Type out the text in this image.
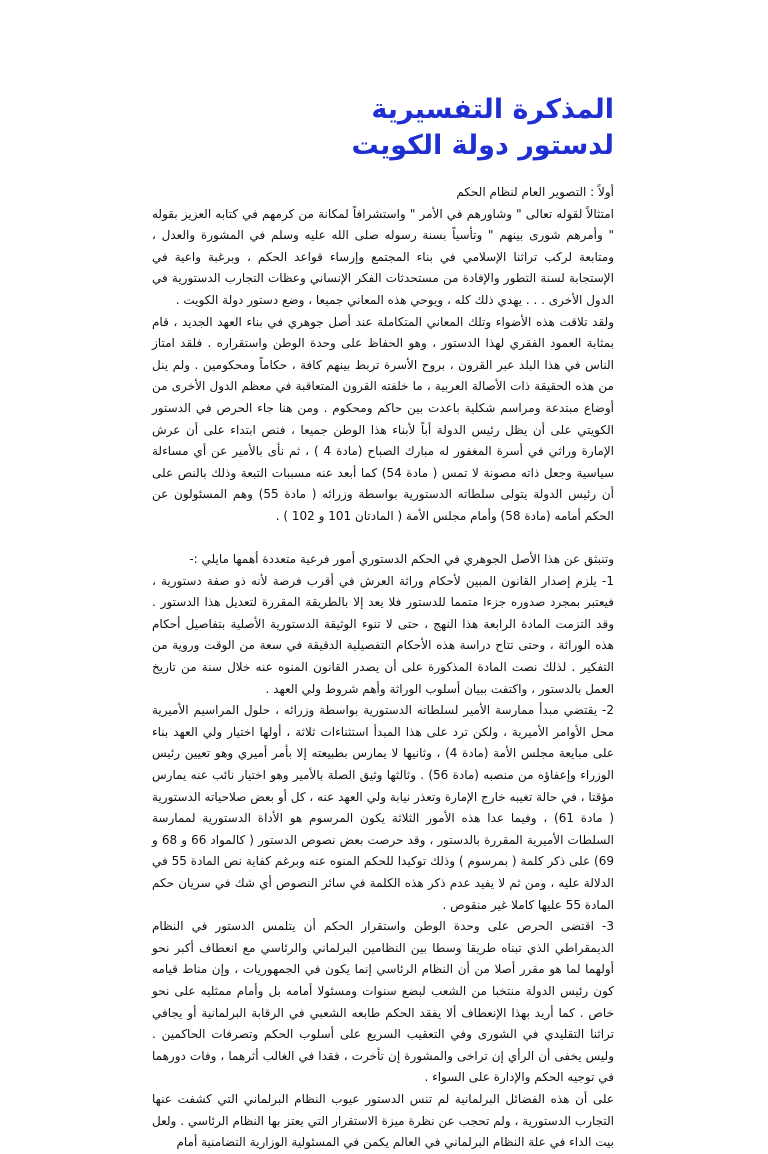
المذكرة التفسيرية
لدستور دولة الكويت

أولاً : التصوير العام لنظام الحكم

امتثالاً لقوله تعالى " وشاورهم في الأمر " واستشرافاً لمكانة من كرمهم في كتابه العزيز بقوله " وأمرهم شورى بينهم " وتأسياً بسنة رسوله صلى الله عليه وسلم في المشورة والعدل ، ومتابعة لركب تراثنا الإسلامي في بناء المجتمع وإرساء قواعد الحكم ، وبرغبة واعية في الإستجابة لسنة التطور والإفادة من مستحدثات الفكر الإنساني وعظات التجارب الدستورية في الدول الأخرى . . . يهدي ذلك كله ، ويوحي هذه المعاني جميعا ، وضع دستور دولة الكويت .

ولقد تلاقت هذه الأضواء وتلك المعاني المتكاملة عند أصل جوهري في بناء العهد الجديد ، قام بمثابة العمود الفقري لهذا الدستور ، وهو الحفاظ على وحدة الوطن واستقراره . فلقد امتاز الناس في هذا البلد عبر القرون ، بروح الأسرة تربط بينهم كافة ، حكاماً ومحكومين . ولم ينل من هذه الحقيقة ذات الأصالة العربية ، ما خلفته القرون المتعاقبة في معظم الدول الأخرى من أوضاع مبتدعة ومراسم شكلية باعدت بين حاكم ومحكوم . ومن هنا جاء الحرص في الدستور الكويتي على أن يظل رئيس الدولة أباً لأبناء هذا الوطن جميعا ، فنص ابتداء على أن عرش الإمارة وراثي في أسرة المغفور له مبارك الصباح (مادة 4 ) ، ثم نأى بالأمير عن أي مساءلة سياسية وجعل ذاته مصونة لا تمس ( مادة 54) كما أبعد عنه مسببات التبعة وذلك بالنص على أن رئيس الدولة يتولى سلطاته الدستورية بواسطة وزرائه ( مادة 55) وهم المسئولون عن الحكم أمامه (مادة 58) وأمام مجلس الأمة ( المادتان 101 و 102 ) .

وتنبثق عن هذا الأصل الجوهري في الحكم الدستوري أمور فرعية متعددة أهمها مايلي :-

1- يلزم إصدار القانون المبين لأحكام وراثة العرش في أقرب فرصة لأنه ذو صفة دستورية ، فيعتبر بمجرد صدوره جزءا متمما للدستور فلا يعد إلا بالطريقة المقررة لتعديل هذا الدستور . وقد التزمت المادة الرابعة هذا النهج ، حتى لا تنوء الوثيقة الدستورية الأصلية بتفاصيل أحكام هذه الوراثة ، وحتى تتاح دراسة هذه الأحكام التفصيلية الدقيقة في سعة من الوقت وروية من التفكير . لذلك نصت المادة المذكورة على أن يصدر القانون المنوه عنه خلال سنة من تاريخ العمل بالدستور ، واكتفت ببيان أسلوب الوراثة وأهم شروط ولي العهد .

2- يقتضي مبدأ ممارسة الأمير لسلطاته الدستورية بواسطة وزرائه ، حلول المراسيم الأميرية محل الأوامر الأميرية ، ولكن ترد على هذا المبدأ استثناءات ثلاثة ، أولها اختيار ولي العهد بناء على مبايعة مجلس الأمة (مادة 4) ، وثانيها لا يمارس بطبيعته إلا بأمر أميري وهو تعيين رئيس الوزراء وإعفاؤه من منصبه (مادة 56) . وثالثها وثيق الصلة بالأمير وهو اختيار نائب عنه يمارس مؤقتا ، في حالة تغيبه خارج الإمارة وتعذر نيابة ولي العهد عنه ، كل أو بعض صلاحياته الدستورية ( مادة 61) ، وفيما عدا هذه الأمور الثلاثة يكون المرسوم هو الأداة الدستورية لممارسة السلطات الأميرية المقررة بالدستور ، وقد حرصت بعض نصوص الدستور ( كالمواد 66 و 68 و 69) على ذكر كلمة ( بمرسوم ) وذلك توكيدا للحكم المنوه عنه وبرغم كفاية نص المادة 55 في الدلالة عليه ، ومن ثم لا يفيد عدم ذكر هذه الكلمة في سائر النصوص أي شك في سريان حكم المادة 55 عليها كاملا غير منقوص .

3- اقتضى الحرص على وحدة الوطن واستقرار الحكم أن يتلمس الدستور في النظام الديمقراطي الذي تبناه طريقا وسطا بين النظامين البرلماني والرئاسي مع انعطاف أكبر نحو أولهما لما هو مقرر أصلا من أن النظام الرئاسي إنما يكون في الجمهوريات ، وإن مناط قيامه كون رئيس الدولة منتخبا من الشعب لبضع سنوات ومسئولا أمامه بل وأمام ممثليه على نحو خاص . كما أريد بهذا الإنعطاف ألا يفقد الحكم طابعه الشعبي في الرقابة البرلمانية أو يجافي تراثنا التقليدي في الشورى وفي التعقيب السريع على أسلوب الحكم وتصرفات الحاكمين . وليس يخفى أن الرأي إن تراخى والمشورة إن تأخرت ، فقدا في الغالب أثرهما ، وفات دورهما في توجيه الحكم والإدارة على السواء .

على أن هذه الفضائل البرلمانية لم تنس الدستور عيوب النظام البرلماني التي كشفت عنها التجارب الدستورية ، ولم تحجب عن نظرة ميزة الاستقرار التي يعتز بها النظام الرئاسي . ولعل بيت الداء في علة النظام البرلماني في العالم يكمن في المسئولية الوزارية التضامنية أمام
